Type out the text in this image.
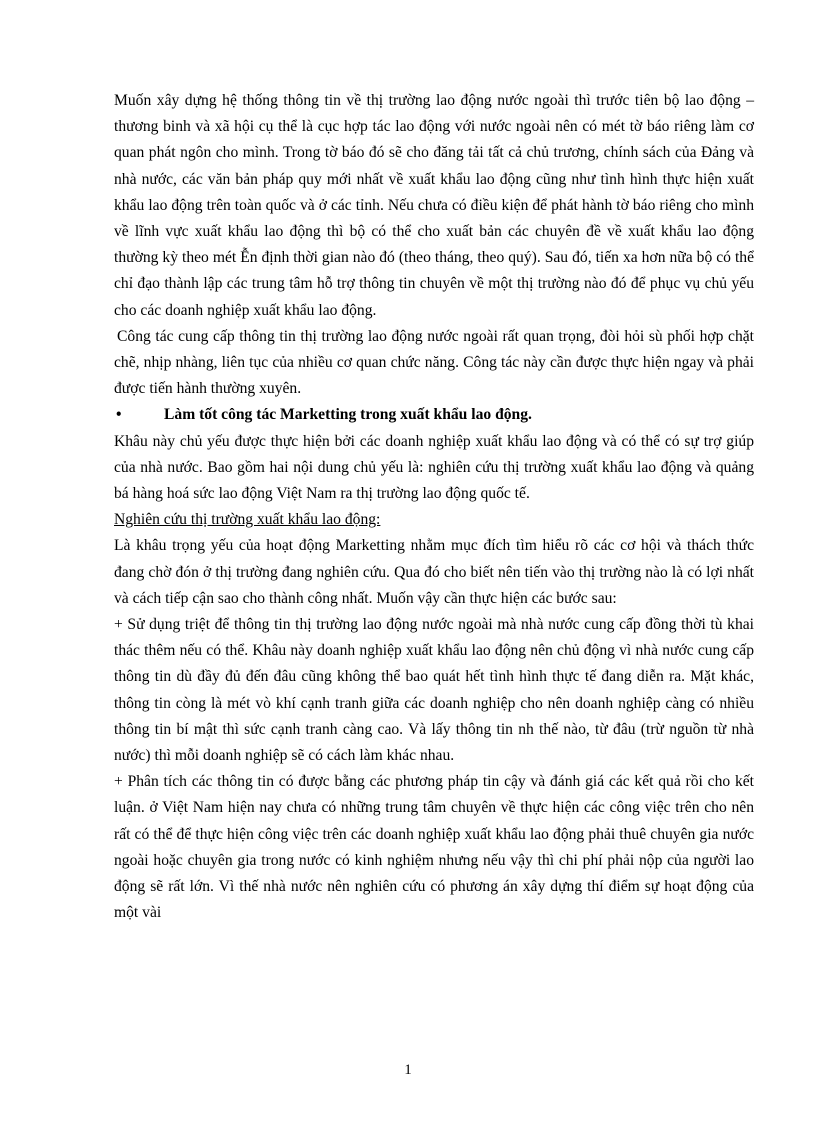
Muốn xây dựng hệ thống thông tin về thị trường lao động nước ngoài thì trước tiên bộ lao động – thương binh và xã hội cụ thể là cục hợp tác lao động với nước ngoài nên có mét tờ báo riêng làm cơ quan phát ngôn cho mình. Trong tờ báo đó sẽ cho đăng tải tất cả chủ trương, chính sách của Đảng và nhà nước, các văn bản pháp quy mới nhất về xuất khẩu lao động cũng như tình hình thực hiện xuất khẩu lao động trên toàn quốc và ở các tỉnh. Nếu chưa có điều kiện để phát hành tờ báo riêng cho mình về lĩnh vực xuất khẩu lao động thì bộ có thể cho xuất bản các chuyên đề về xuất khẩu lao động thường kỳ theo mét Ễn định thời gian nào đó (theo tháng, theo quý). Sau đó, tiến xa hơn nữa bộ có thể chỉ đạo thành lập các trung tâm hỗ trợ thông tin chuyên về một thị trường nào đó để phục vụ chủ yếu cho các doanh nghiệp xuất khẩu lao động.

Công tác cung cấp thông tin thị trường lao động nước ngoài rất quan trọng, đòi hỏi sù phối hợp chặt chẽ, nhịp nhàng, liên tục của nhiều cơ quan chức năng. Công tác này cần được thực hiện ngay và phải được tiến hành thường xuyên.

•	Làm tốt công tác Marketting trong xuất khẩu lao động.

Khâu này chủ yếu được thực hiện bởi các doanh nghiệp xuất khẩu lao động và có thể có sự trợ giúp của nhà nước. Bao gồm hai nội dung chủ yếu là: nghiên cứu thị trường xuất khẩu lao động và quảng bá hàng hoá sức lao động Việt Nam ra thị trường lao động quốc tế.

Nghiên cứu thị trường xuất khẩu lao động:

Là khâu trọng yếu của hoạt động Marketting nhằm mục đích tìm hiểu rõ các cơ hội và thách thức đang chờ đón ở thị trường đang nghiên cứu. Qua đó cho biết nên tiến vào thị trường nào là có lợi nhất và cách tiếp cận sao cho thành công nhất. Muốn vậy cần thực hiện các bước sau:

+ Sử dụng triệt để thông tin thị trường lao động nước ngoài mà nhà nước cung cấp đồng thời tù khai thác thêm nếu có thể. Khâu này doanh nghiệp xuất khẩu lao động nên chủ động vì nhà nước cung cấp thông tin dù đầy đủ đến đâu cũng không thể bao quát hết tình hình thực tế đang diễn ra. Mặt khác, thông tin còng là mét vò khí cạnh tranh giữa các doanh nghiệp cho nên doanh nghiệp càng có nhiều thông tin bí mật thì sức cạnh tranh càng cao. Và lấy thông tin nh thế nào, từ đâu (trừ nguồn từ nhà nước) thì mỗi doanh nghiệp sẽ có cách làm khác nhau.

+ Phân tích các thông tin có được bằng các phương pháp tin cậy và đánh giá các kết quả rồi cho kết luận. ở Việt Nam hiện nay chưa có những trung tâm chuyên về thực hiện các công việc trên cho nên rất có thể để thực hiện công việc trên các doanh nghiệp xuất khẩu lao động phải thuê chuyên gia nước ngoài hoặc chuyên gia trong nước có kinh nghiệm nhưng nếu vậy thì chi phí phải nộp của người lao động sẽ rất lớn. Vì thế nhà nước nên nghiên cứu có phương án xây dựng thí điểm sự hoạt động của một vài

1
